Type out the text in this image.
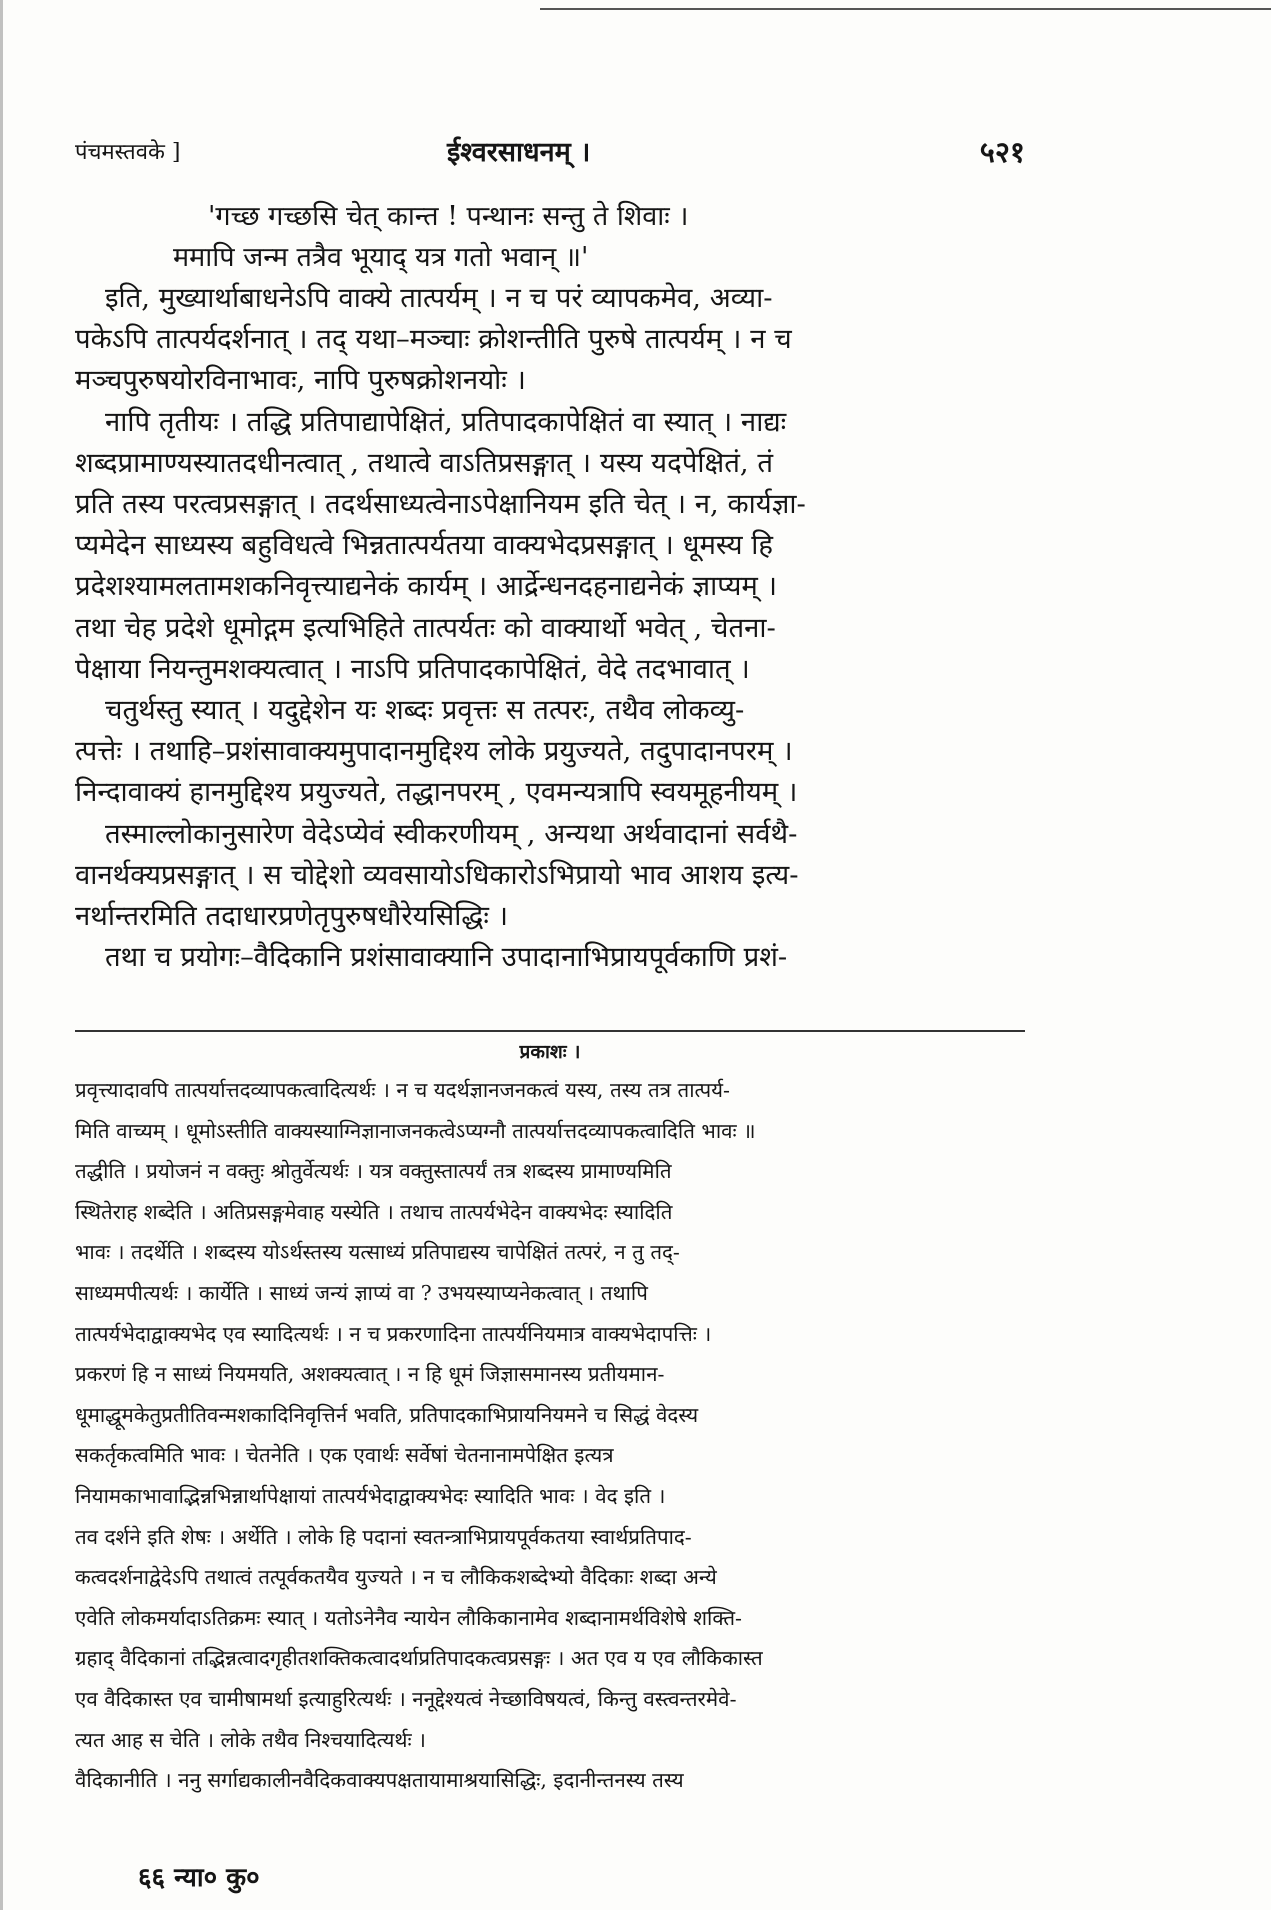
पंचमस्तवके ]	ईश्वरसाधनम् ।	५२१
'गच्छ गच्छसि चेत् कान्त ! पन्थानः सन्तु ते शिवाः ।
ममापि जन्म तत्रैव भूयाद् यत्र गतो भवान् ॥'
इति, मुख्यार्थाबाधनेऽपि वाक्ये तात्पर्यम् । न च परं व्यापकमेव, अव्या-
पकेऽपि तात्पर्यदर्शनात् । तद् यथा–मञ्चाः क्रोशन्तीति पुरुषे तात्पर्यम् । न च
मञ्चपुरुषयोरविनाभावः, नापि पुरुषक्रोशनयोः ।
नापि तृतीयः । तद्धि प्रतिपाद्यापेक्षितं, प्रतिपादकापेक्षितं वा स्यात् । नाद्यः
शब्दप्रामाण्यस्यातदधीनत्वात् , तथात्वे वाऽतिप्रसङ्गात् । यस्य यदपेक्षितं, तं
प्रति तस्य परत्वप्रसङ्गात् । तदर्थसाध्यत्वेनाऽपेक्षानियम इति चेत् । न, कार्यज्ञा-
प्यमेदेन साध्यस्य बहुविधत्वे भिन्नतात्पर्यतया वाक्यभेदप्रसङ्गात् । धूमस्य हि
प्रदेशश्यामलतामशकनिवृत्त्याद्यनेकं कार्यम् । आर्द्रेन्धनदहनाद्यनेकं ज्ञाप्यम् ।
तथा चेह प्रदेशे धूमोद्गम इत्यभिहिते तात्पर्यतः को वाक्यार्थो भवेत् , चेतना-
पेक्षाया नियन्तुमशक्यत्वात् । नाऽपि प्रतिपादकापेक्षितं, वेदे तदभावात् ।
चतुर्थस्तु स्यात् । यदुद्देशेन यः शब्दः प्रवृत्तः स तत्परः, तथैव लोकव्यु-
त्पत्तेः । तथाहि–प्रशंसावाक्यमुपादानमुद्दिश्य लोके प्रयुज्यते, तदुपादानपरम् ।
निन्दावाक्यं हानमुद्दिश्य प्रयुज्यते, तद्धानपरम् , एवमन्यत्रापि स्वयमूहनीयम् ।
तस्माल्लोकानुसारेण वेदेऽप्येवं स्वीकरणीयम् , अन्यथा अर्थवादानां सर्वथै-
वानर्थक्यप्रसङ्गात् । स चोद्देशो व्यवसायोऽधिकारोऽभिप्रायो भाव आशय इत्य-
नर्थान्तरमिति तदाधारप्रणेतृपुरुषधौरेयसिद्धिः ।
तथा च प्रयोगः–वैदिकानि प्रशंसावाक्यानि उपादानाभिप्रायपूर्वकाणि प्रशं-
प्रकाशः ।
प्रवृत्त्यादावपि तात्पर्यात्तदव्यापकत्वादित्यर्थः । न च यदर्थज्ञानजनकत्वं यस्य, तस्य तत्र तात्पर्य-
मिति वाच्यम् । धूमोऽस्तीति वाक्यस्याग्निज्ञानाजनकत्वेऽप्यग्नौ तात्पर्यात्तदव्यापकत्वादिति भावः ॥
तद्धीति । प्रयोजनं न वक्तुः श्रोतुर्वेत्यर्थः । यत्र वक्तुस्तात्पर्यं तत्र शब्दस्य प्रामाण्यमिति
स्थितेराह शब्देति । अतिप्रसङ्गमेवाह यस्येति । तथाच तात्पर्यभेदेन वाक्यभेदः स्यादिति
भावः । तदर्थेति । शब्दस्य योऽर्थस्तस्य यत्साध्यं प्रतिपाद्यस्य चापेक्षितं तत्परं, न तु तद्-
साध्यमपीत्यर्थः । कार्येति । साध्यं जन्यं ज्ञाप्यं वा ? उभयस्याप्यनेकत्वात् । तथापि
तात्पर्यभेदाद्वाक्यभेद एव स्यादित्यर्थः । न च प्रकरणादिना तात्पर्यनियमात्र वाक्यभेदापत्तिः ।
प्रकरणं हि न साध्यं नियमयति, अशक्यत्वात् । न हि धूमं जिज्ञासमानस्य प्रतीयमान-
धूमाद्धूमकेतुप्रतीतिवन्मशकादिनिवृत्तिर्न भवति, प्रतिपादकाभिप्रायनियमने च सिद्धं वेदस्य
सकर्तृकत्वमिति भावः । चेतनेति । एक एवार्थः सर्वेषां चेतनानामपेक्षित इत्यत्र
नियामकाभावाद्भिन्नभिन्नार्थापेक्षायां तात्पर्यभेदाद्वाक्यभेदः स्यादिति भावः । वेद इति ।
तव दर्शने इति शेषः । अर्थेति । लोके हि पदानां स्वतन्त्राभिप्रायपूर्वकतया स्वार्थप्रतिपाद-
कत्वदर्शनाद्वेदेऽपि तथात्वं तत्पूर्वकतयैव युज्यते । न च लौकिकशब्देभ्यो वैदिकाः शब्दा अन्ये
एवेति लोकमर्यादाऽतिक्रमः स्यात् । यतोऽनेनैव न्यायेन लौकिकानामेव शब्दानामर्थविशेषे शक्ति-
ग्रहाद् वैदिकानां तद्भिन्नत्वादगृहीतशक्तिकत्वादर्थाप्रतिपादकत्वप्रसङ्गः । अत एव य एव लौकिकास्त
एव वैदिकास्त एव चामीषामर्था इत्याहुरित्यर्थः । ननूद्देश्यत्वं नेच्छाविषयत्वं, किन्तु वस्त्वन्तरमेवे-
त्यत आह स चेति । लोके तथैव निश्चयादित्यर्थः ।
वैदिकानीति । ननु सर्गाद्यकालीनवैदिकवाक्यपक्षतायामाश्रयासिद्धिः, इदानीन्तनस्य तस्य
६६ न्या० कु०
